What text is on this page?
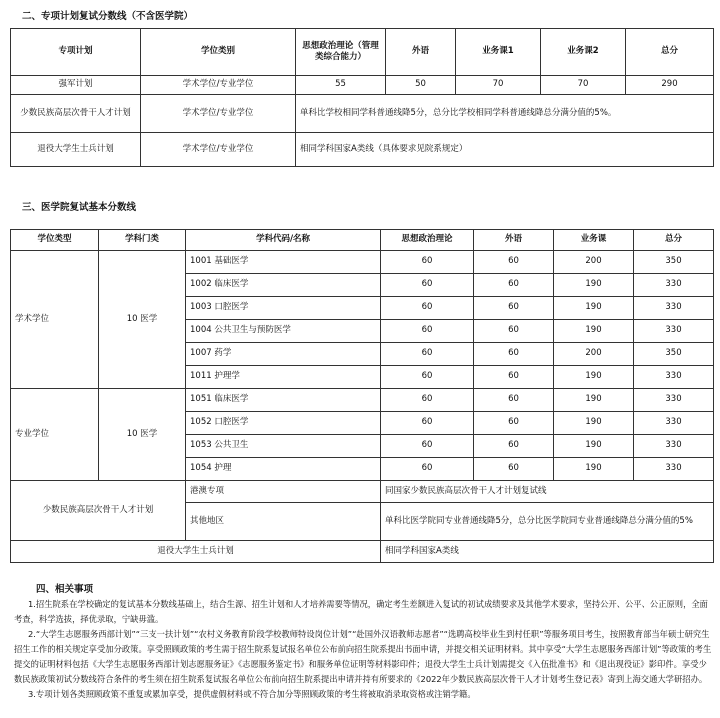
二、专项计划复试分数线（不含医学院）
专项计划	学位类别	思想政治理论（管理类综合能力）	外语	业务课1	业务课2	总分
强军计划	学术学位/专业学位	55	50	70	70	290
少数民族高层次骨干人才计划	学术学位/专业学位	单科比学校相同学科普通线降5分，总分比学校相同学科普通线降总分满分值的5%。				
退役大学生士兵计划	学术学位/专业学位	相同学科国家A类线（具体要求见院系规定）				
三、医学院复试基本分数线
学位类型	学科门类	学科代码/名称	思想政治理论	外语	业务课	总分
学术学位	10 医学	1001 基础医学	60	60	200	350
		1002 临床医学	60	60	190	330
		1003 口腔医学	60	60	190	330
		1004 公共卫生与预防医学	60	60	190	330
		1007 药学	60	60	200	350
		1011 护理学	60	60	190	330
专业学位	10 医学	1051 临床医学	60	60	190	330
		1052 口腔医学	60	60	190	330
		1053 公共卫生	60	60	190	330
		1054 护理	60	60	190	330
少数民族高层次骨干人才计划		港澳专项	同国家少数民族高层次骨干人才计划复试线			
		其他地区	单科比医学院同专业普通线降5分，总分比医学院同专业普通线降总分满分值的5%			
退役大学生士兵计划			相同学科国家A类线			
四、相关事项

1.招生院系在学校确定的复试基本分数线基础上，结合生源、招生计划和人才培养需要等情况，确定考生差额进入复试的初试成绩要求及其他学术要求，坚持公开、公平、公正原则，全面考查，科学选拔，择优录取，宁缺毋滥。

2.“大学生志愿服务西部计划”“三支一扶计划”“农村义务教育阶段学校教师特设岗位计划”“赴国外汉语教师志愿者”“选聘高校毕业生到村任职”等服务项目考生，按照教育部当年硕士研究生招生工作的相关规定享受加分政策。享受照顾政策的考生需于招生院系复试报名单位公布前向招生院系提出书面申请，并提交相关证明材料。其中享受“大学生志愿服务西部计划”等政策的考生提交的证明材料包括《大学生志愿服务西部计划志愿服务证》《志愿服务鉴定书》和服务单位证明等材料影印件；退役大学生士兵计划需提交《入伍批准书》和《退出现役证》影印件。享受少数民族政策初试分数线符合条件的考生须在招生院系复试报名单位公布前向招生院系提出申请并持有所要求的《2022年少数民族高层次骨干人才计划考生登记表》寄到上海交通大学研招办。

3.专项计划各类照顾政策不重复或累加享受，提供虚假材料或不符合加分等照顾政策的考生将被取消录取资格或注销学籍。
